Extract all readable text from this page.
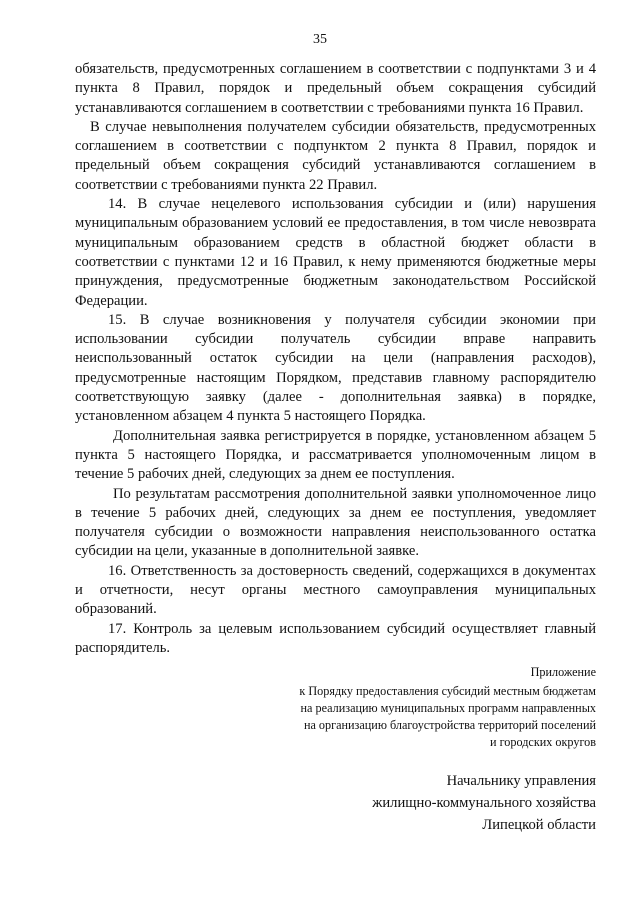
35

обязательств, предусмотренных соглашением в соответствии с подпунктами 3 и 4 пункта 8 Правил, порядок и предельный объем сокращения субсидий устанавливаются соглашением в соответствии с требованиями пункта 16 Правил.

В случае невыполнения получателем субсидии обязательств, предусмотренных соглашением в соответствии с подпунктом 2 пункта 8 Правил, порядок и предельный объем сокращения субсидий устанавливаются соглашением в соответствии с требованиями пункта 22 Правил.

14. В случае нецелевого использования субсидии и (или) нарушения муниципальным образованием условий ее предоставления, в том числе невозврата муниципальным образованием средств в областной бюджет области в соответствии с пунктами 12 и 16 Правил, к нему применяются бюджетные меры принуждения, предусмотренные бюджетным законодательством Российской Федерации.

15. В случае возникновения у получателя субсидии экономии при использовании субсидии получатель субсидии вправе направить неиспользованный остаток субсидии на цели (направления расходов), предусмотренные настоящим Порядком, представив главному распорядителю соответствующую заявку (далее - дополнительная заявка) в порядке, установленном абзацем 4 пункта 5 настоящего Порядка.

Дополнительная заявка регистрируется в порядке, установленном абзацем 5 пункта 5 настоящего Порядка, и рассматривается уполномоченным лицом в течение 5 рабочих дней, следующих за днем ее поступления.

По результатам рассмотрения дополнительной заявки уполномоченное лицо в течение 5 рабочих дней, следующих за днем ее поступления, уведомляет получателя субсидии о возможности направления неиспользованного остатка субсидии на цели, указанные в дополнительной заявке.

16. Ответственность за достоверность сведений, содержащихся в документах и отчетности, несут органы местного самоуправления муниципальных образований.

17. Контроль за целевым использованием субсидий осуществляет главный распорядитель.

Приложение
к Порядку предоставления субсидий местным бюджетам
на реализацию муниципальных программ направленных
на организацию благоустройства территорий поселений
и городских округов
Начальнику управления
жилищно-коммунального хозяйства
Липецкой области
